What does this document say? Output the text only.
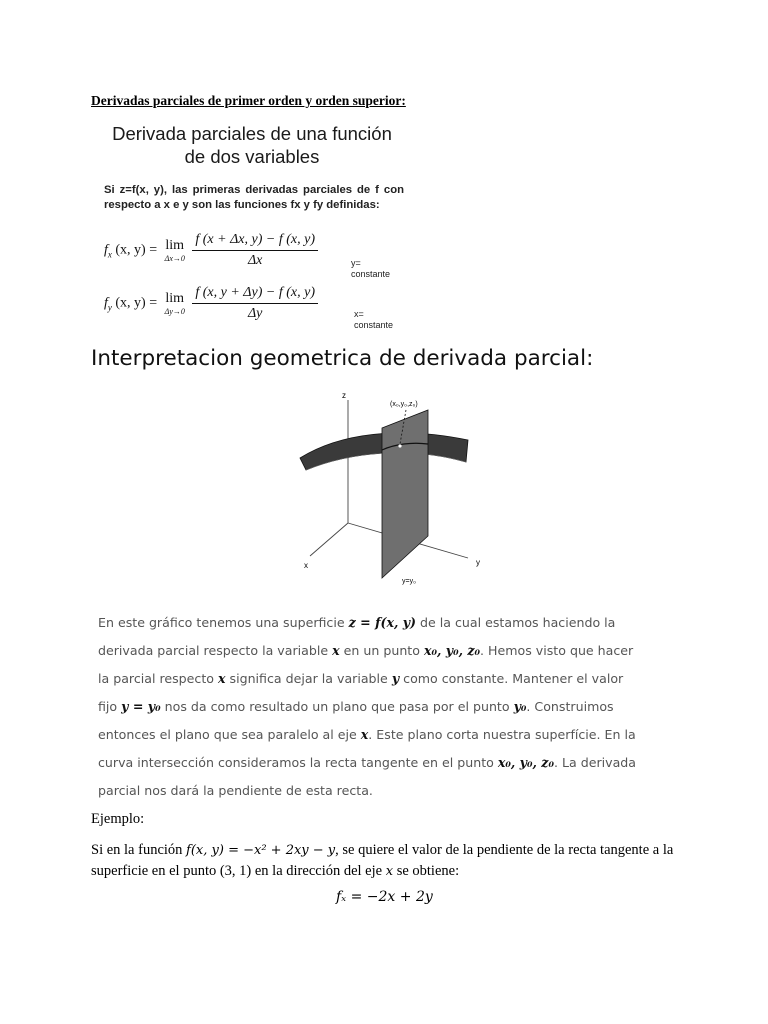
Derivadas parciales de primer orden y orden superior:
Derivada parciales de una función
de dos variables
Si z=f(x, y), las primeras derivadas parciales de f con respecto a x e y son las funciones fx y fy definidas:
$f_x$ (x, y) = lim
Δx→0
$\frac{f (x + \Delta x, y) - f (x, y)}{\Delta x}$	y=
constante
$f_y$ (x, y) = lim
Δy→0
$\frac{f (x, y + \Delta y) - f (x, y)}{\Delta y}$	x=
constante
Interpretacion geometrica de derivada parcial:
z
x	y
(x₀,y₀,z₀)
y=y₀
En este gráfico tenemos una superficie z = f(x, y) de la cual estamos haciendo la derivada parcial respecto la variable x en un punto x₀, y₀, z₀. Hemos visto que hacer la parcial respecto x significa dejar la variable y como constante. Mantener el valor fijo y = y₀ nos da como resultado un plano que pasa por el punto y₀. Construimos entonces el plano que sea paralelo al eje x. Este plano corta nuestra superfície. En la curva intersección consideramos la recta tangente en el punto x₀, y₀, z₀. La derivada parcial nos dará la pendiente de esta recta.
Ejemplo:
Si en la función f(x, y) = −x² + 2xy − y, se quiere el valor de la pendiente de la recta tangente a la superficie en el punto (3, 1) en la dirección del eje x se obtiene:
fₓ = −2x + 2y
